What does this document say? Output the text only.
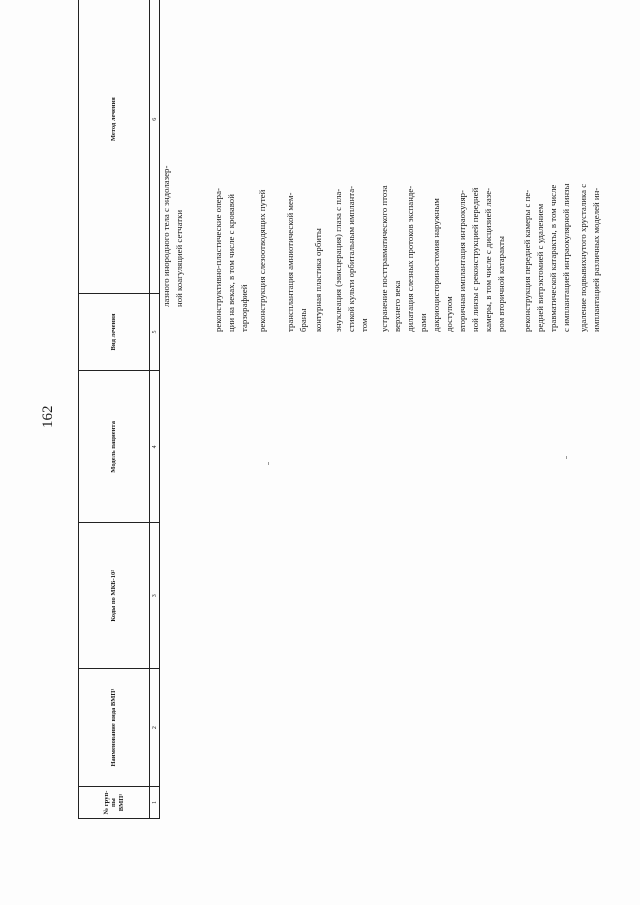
162
№ груп- пы ВМП¹
Наименование вида ВМП¹
Коды по МКБ-10²
Модель пациента
Вид лечения
Метод лечения
1
2
3
4
5
6
лазного инородного тела с эндолазер- ной коагуляцией сетчатки	реконструктивно-пластические опера- ции на веках, в том числе с кровавой тарзорафией реконструкция слезоотводящих путей трансплантация амниотической мем- браны контурная пластика орбиты энуклеация (эвисцерация) глаза с пла- стикой культи орбитальным импланта- том устранение посттравматического птоза верхнего века дилатация слезных протоков экспанде- рами дакриоцисториностомия наружным доступом вторичная имплантация интраокуляр- ной линзы с реконструкцией передней камеры, в том числе с дисцизией лазе- ром вторичной катаракты реконструкция передней камеры с пе- редней витрэктомией с удалением травматической катаракты, в том числе с имплантацией интраокулярной линзы удаление подвывихнутого хрусталика с имплантацией различных моделей ин-
